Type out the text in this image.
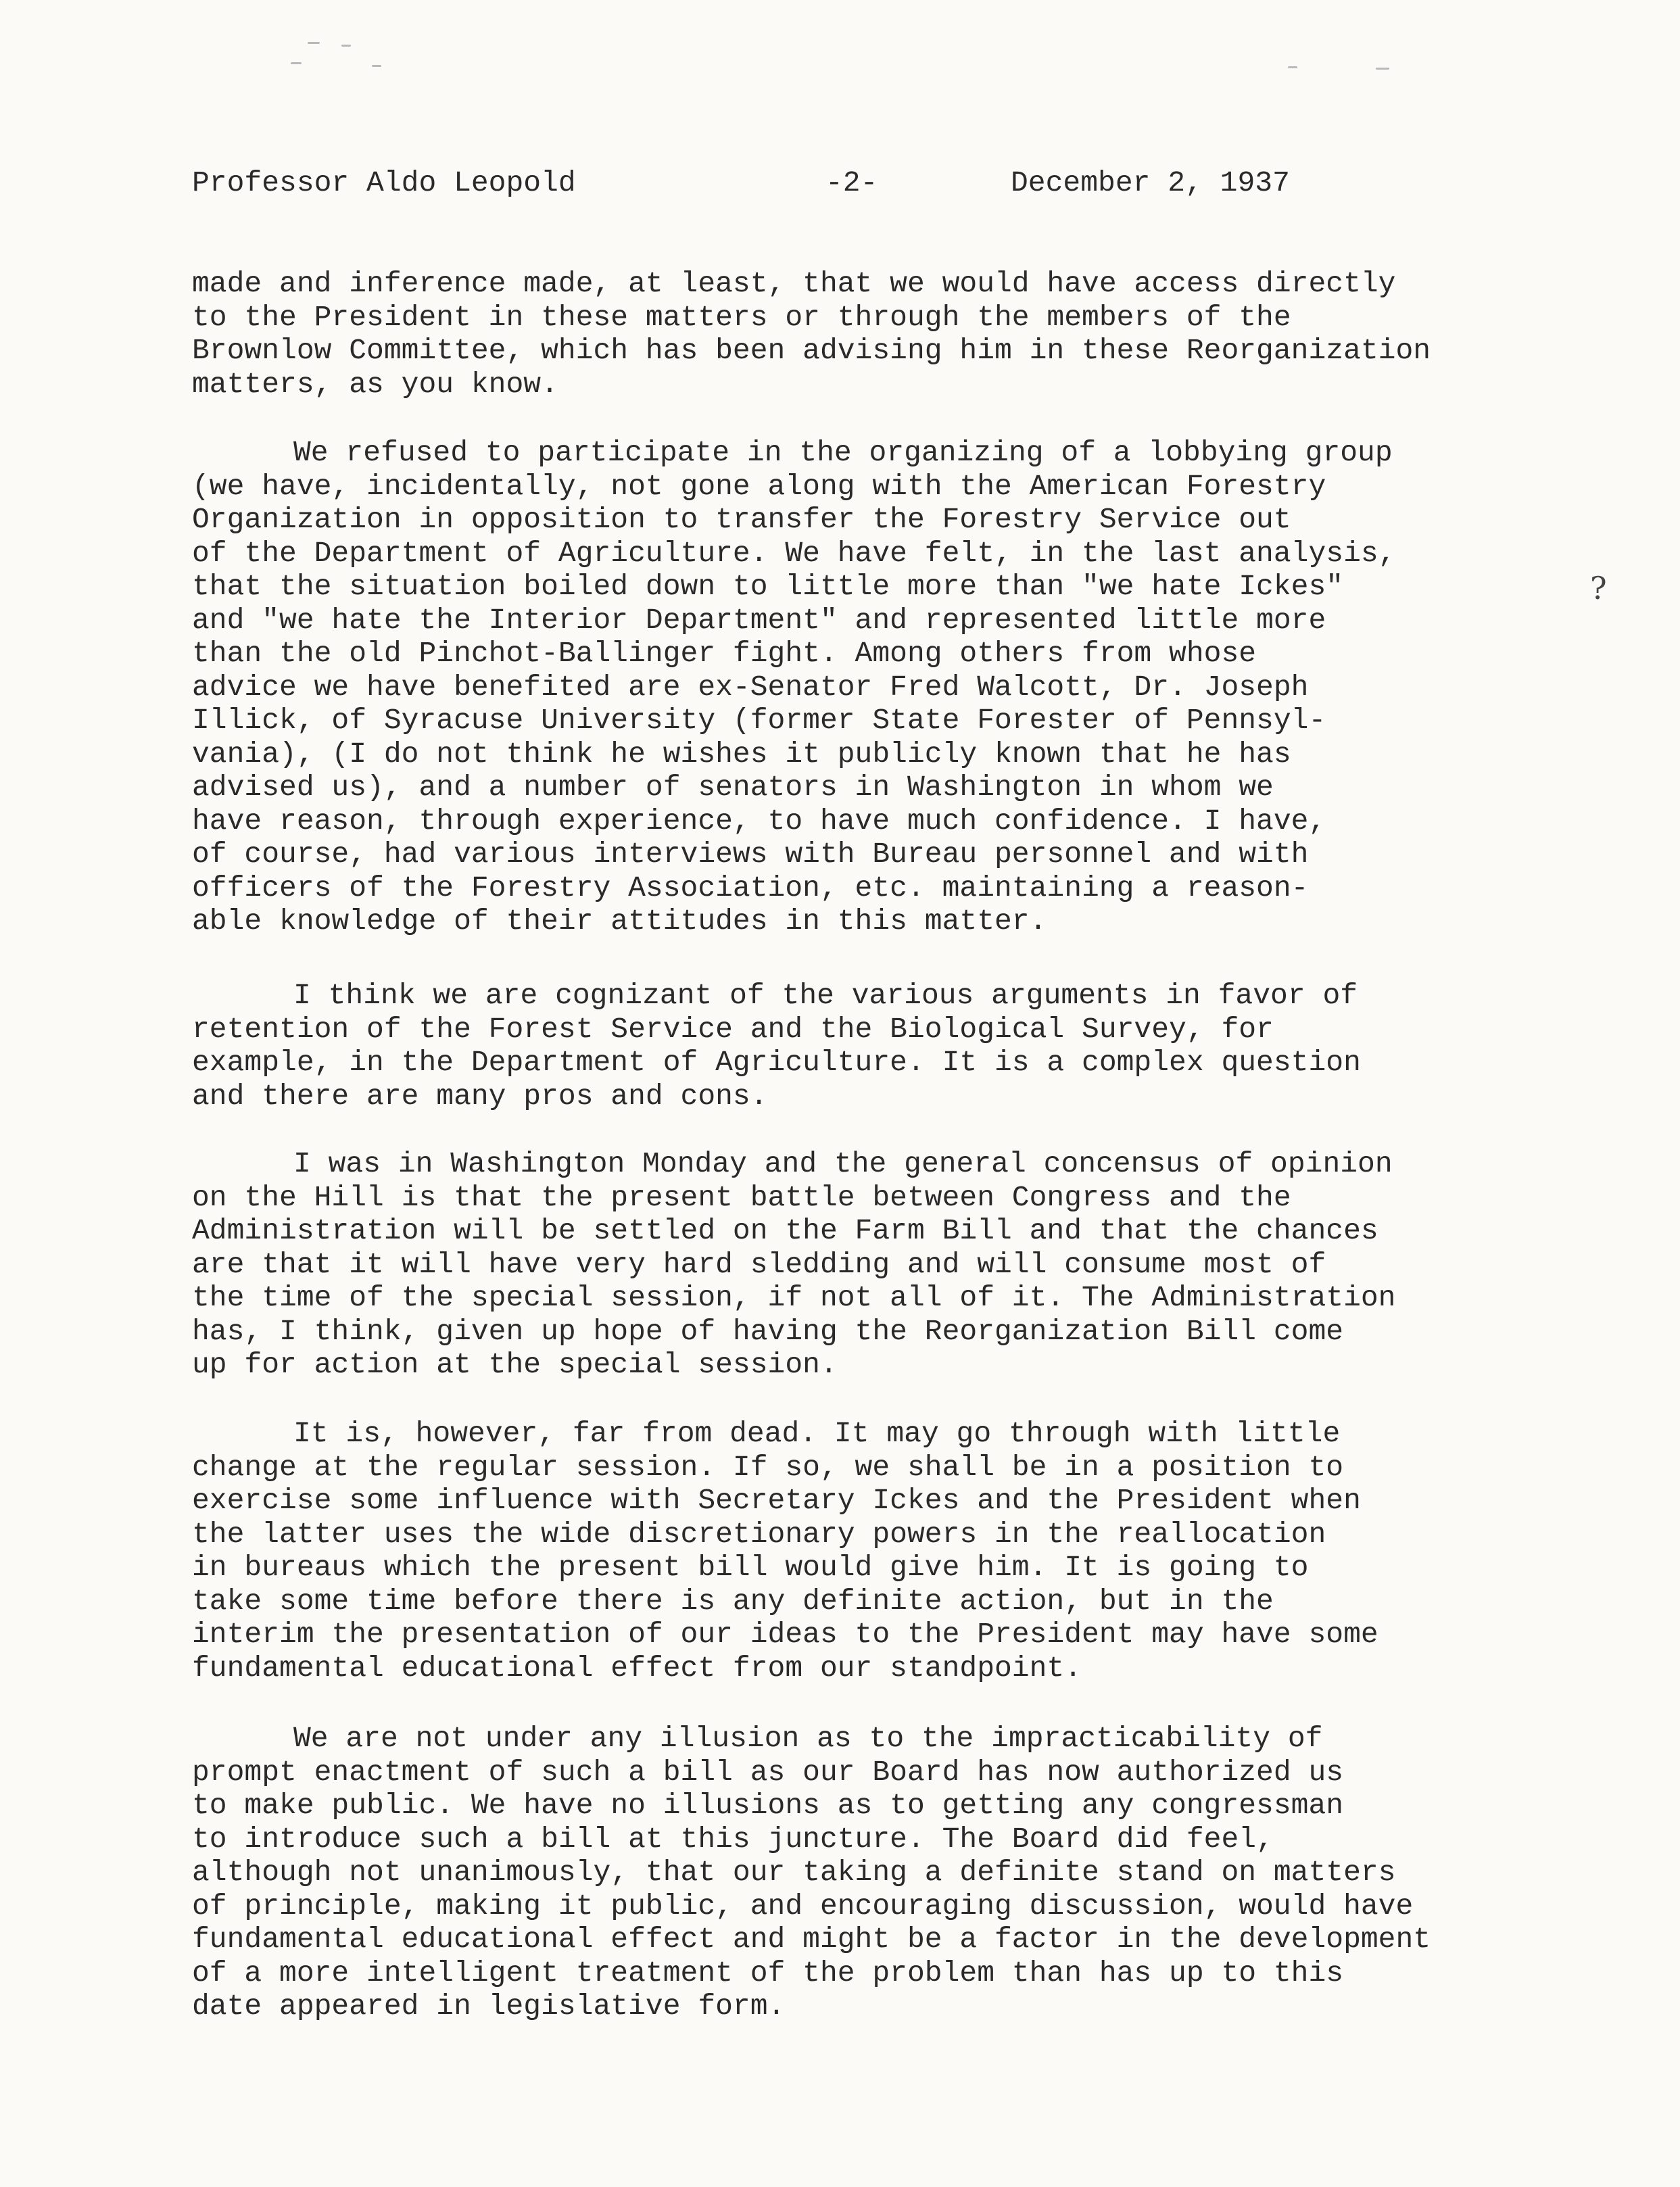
Professor Aldo Leopold	-2-	December 2, 1937

made and inference made, at least, that we would have access directly
to the President in these matters or through the members of the
Brownlow Committee, which has been advising him in these Reorganization
matters, as you know.

We refused to participate in the organizing of a lobbying group
(we have, incidentally, not gone along with the American Forestry
Organization in opposition to transfer the Forestry Service out
of the Department of Agriculture. We have felt, in the last analysis,
that the situation boiled down to little more than "we hate Ickes"
and "we hate the Interior Department" and represented little more
than the old Pinchot-Ballinger fight. Among others from whose
advice we have benefited are ex-Senator Fred Walcott, Dr. Joseph
Illick, of Syracuse University (former State Forester of Pennsyl-
vania), (I do not think he wishes it publicly known that he has
advised us), and a number of senators in Washington in whom we
have reason, through experience, to have much confidence. I have,
of course, had various interviews with Bureau personnel and with
officers of the Forestry Association, etc. maintaining a reason-
able knowledge of their attitudes in this matter.

?

I think we are cognizant of the various arguments in favor of
retention of the Forest Service and the Biological Survey, for
example, in the Department of Agriculture. It is a complex question
and there are many pros and cons.

I was in Washington Monday and the general concensus of opinion
on the Hill is that the present battle between Congress and the
Administration will be settled on the Farm Bill and that the chances
are that it will have very hard sledding and will consume most of
the time of the special session, if not all of it. The Administration
has, I think, given up hope of having the Reorganization Bill come
up for action at the special session.

It is, however, far from dead. It may go through with little
change at the regular session. If so, we shall be in a position to
exercise some influence with Secretary Ickes and the President when
the latter uses the wide discretionary powers in the reallocation
in bureaus which the present bill would give him. It is going to
take some time before there is any definite action, but in the
interim the presentation of our ideas to the President may have some
fundamental educational effect from our standpoint.

We are not under any illusion as to the impracticability of
prompt enactment of such a bill as our Board has now authorized us
to make public. We have no illusions as to getting any congressman
to introduce such a bill at this juncture. The Board did feel,
although not unanimously, that our taking a definite stand on matters
of principle, making it public, and encouraging discussion, would have
fundamental educational effect and might be a factor in the development
of a more intelligent treatment of the problem than has up to this
date appeared in legislative form.
